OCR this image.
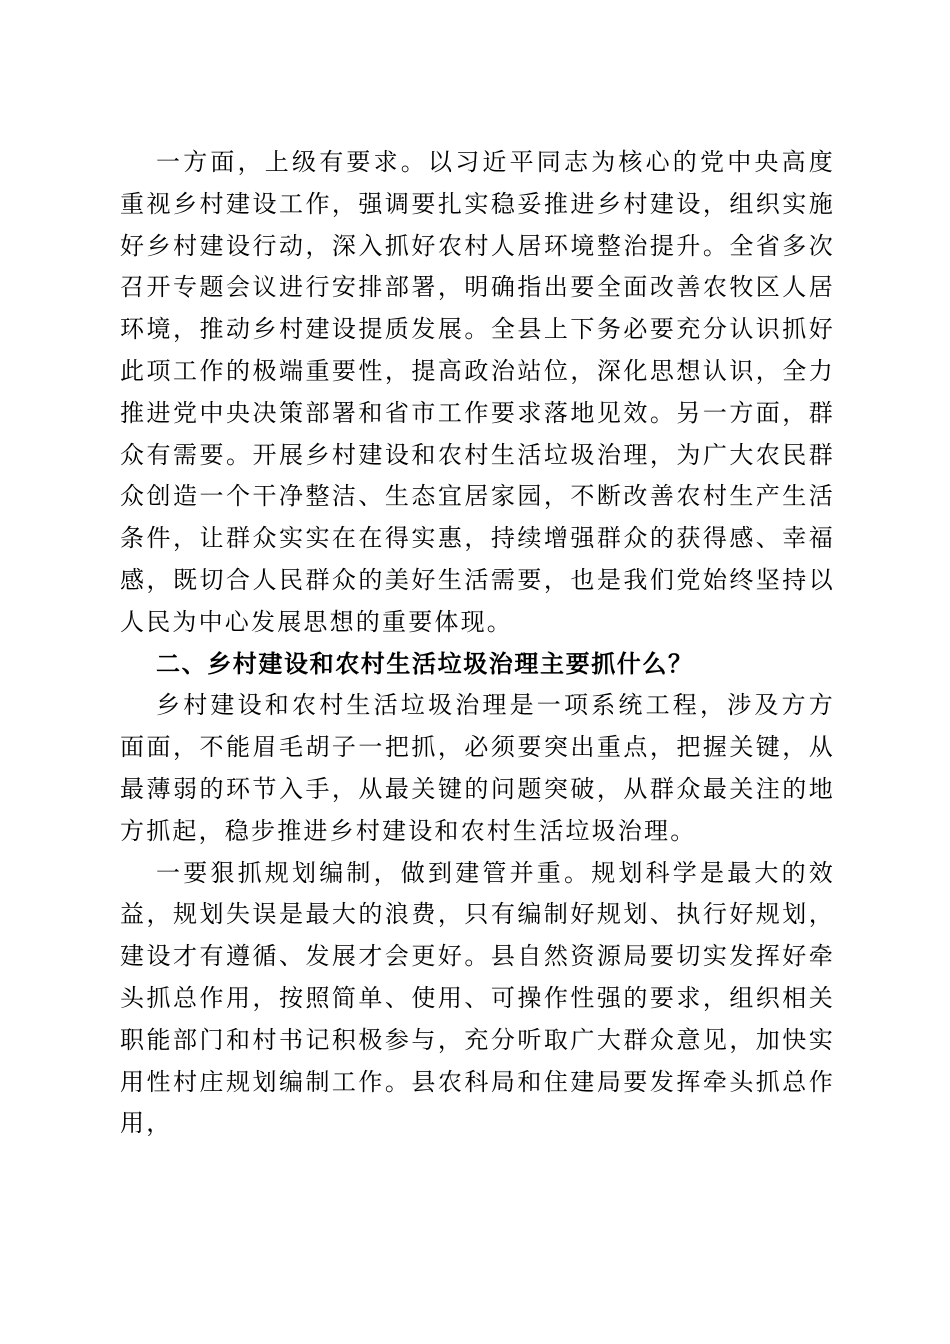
一方面，上级有要求。以习近平同志为核心的党中央高度重视乡村建设工作，强调要扎实稳妥推进乡村建设，组织实施好乡村建设行动，深入抓好农村人居环境整治提升。全省多次召开专题会议进行安排部署，明确指出要全面改善农牧区人居环境，推动乡村建设提质发展。全县上下务必要充分认识抓好此项工作的极端重要性，提高政治站位，深化思想认识，全力推进党中央决策部署和省市工作要求落地见效。另一方面，群众有需要。开展乡村建设和农村生活垃圾治理，为广大农民群众创造一个干净整洁、生态宜居家园，不断改善农村生产生活条件，让群众实实在在得实惠，持续增强群众的获得感、幸福感，既切合人民群众的美好生活需要，也是我们党始终坚持以人民为中心发展思想的重要体现。

二、乡村建设和农村生活垃圾治理主要抓什么？

乡村建设和农村生活垃圾治理是一项系统工程，涉及方方面面，不能眉毛胡子一把抓，必须要突出重点，把握关键，从最薄弱的环节入手，从最关键的问题突破，从群众最关注的地方抓起，稳步推进乡村建设和农村生活垃圾治理。

一要狠抓规划编制，做到建管并重。规划科学是最大的效益，规划失误是最大的浪费，只有编制好规划、执行好规划，建设才有遵循、发展才会更好。县自然资源局要切实发挥好牵头抓总作用，按照简单、使用、可操作性强的要求，组织相关职能部门和村书记积极参与，充分听取广大群众意见，加快实用性村庄规划编制工作。县农科局和住建局要发挥牵头抓总作用，
